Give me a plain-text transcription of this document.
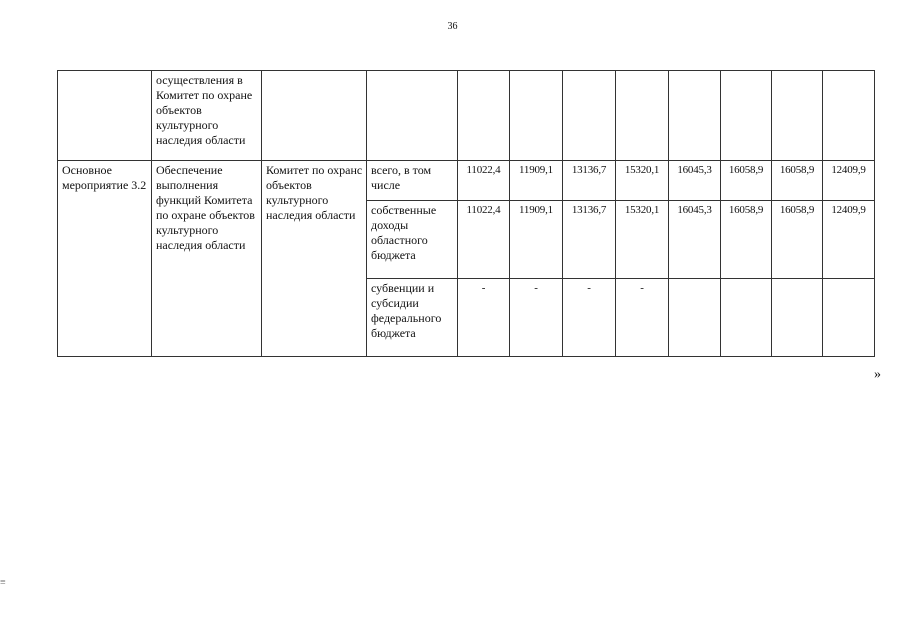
36
	осуществления в Комитет по охране объектов культурного наследия области										
Основное мероприятие 3.2	Обеспечение выполнения функций Комитета по охране объектов культурного наследия области	Комитет по охранс объектов культурного наследия области	всего, в том числе	11022,4	11909,1	13136,7	15320,1	16045,3	16058,9	16058,9	12409,9
			собственные доходы областного бюджета	11022,4	11909,1	13136,7	15320,1	16045,3	16058,9	16058,9	12409,9
			субвенции и субсидии федерального бюджета	-	-	-	-				
»
≡
